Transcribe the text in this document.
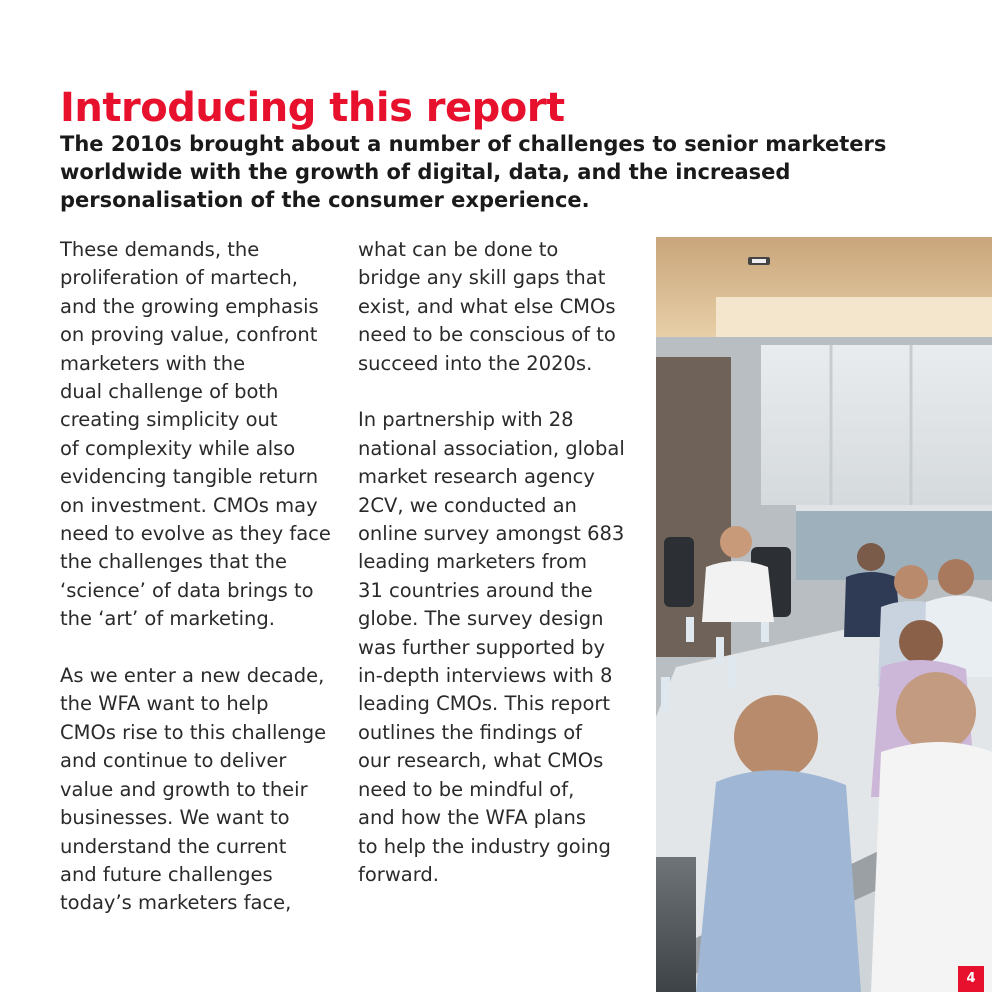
Introducing this report
The 2010s brought about a number of challenges to senior marketers worldwide with the growth of digital, data, and the increased personalisation of the consumer experience.

These demands, the
proliferation of martech,
and the growing emphasis
on proving value, confront
marketers with the
dual challenge of both
creating simplicity out
of complexity while also
evidencing tangible return
on investment. CMOs may
need to evolve as they face
the challenges that the
‘science’ of data brings to
the ‘art’ of marketing.

As we enter a new decade,
the WFA want to help
CMOs rise to this challenge
and continue to deliver
value and growth to their
businesses. We want to
understand the current
and future challenges
today’s marketers face,

what can be done to
bridge any skill gaps that
exist, and what else CMOs
need to be conscious of to
succeed into the 2020s.

In partnership with 28
national association, global
market research agency
2CV, we conducted an
online survey amongst 683
leading marketers from
31 countries around the
globe. The survey design
was further supported by
in-depth interviews with 8
leading CMOs. This report
outlines the findings of
our research, what CMOs
need to be mindful of,
and how the WFA plans
to help the industry going
forward.

4
